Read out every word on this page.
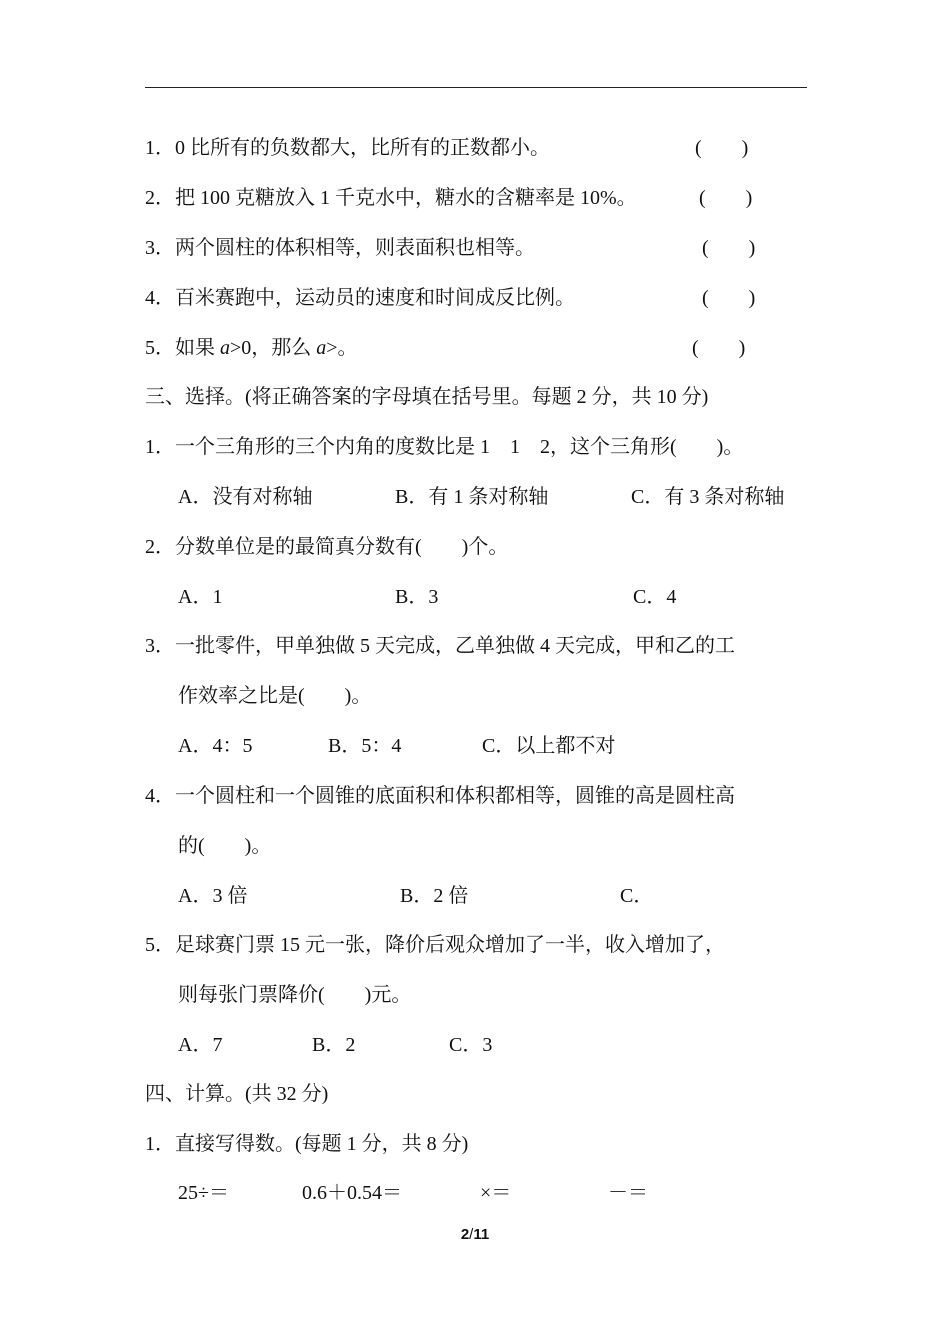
1．0 比所有的负数都大，比所有的正数都小。	(　　)
2．把 100 克糖放入 1 千克水中，糖水的含糖率是 10%。	(　　)
3．两个圆柱的体积相等，则表面积也相等。	(　　)
4．百米赛跑中，运动员的速度和时间成反比例。	(　　)
5．如果 a>0，那么 a>。	(　　)
三、选择。(将正确答案的字母填在括号里。每题 2 分，共 10 分)
1．一个三角形的三个内角的度数比是 1　1　2，这个三角形(　　)。
A．没有对称轴	B．有 1 条对称轴	C．有 3 条对称轴
2．分数单位是的最简真分数有(　　)个。
A．1	B．3	C．4
3．一批零件，甲单独做 5 天完成，乙单独做 4 天完成，甲和乙的工
作效率之比是(　　)。
A．4：5	B．5：4	C．以上都不对
4．一个圆柱和一个圆锥的底面积和体积都相等，圆锥的高是圆柱高
的(　　)。
A．3 倍	B．2 倍	C．
5．足球赛门票 15 元一张，降价后观众增加了一半，收入增加了，
则每张门票降价(　　)元。
A．7	B．2	C．3
四、计算。(共 32 分)
1．直接写得数。(每题 1 分，共 8 分)
25÷＝	0.6＋0.54＝	×＝	－＝
2/11
